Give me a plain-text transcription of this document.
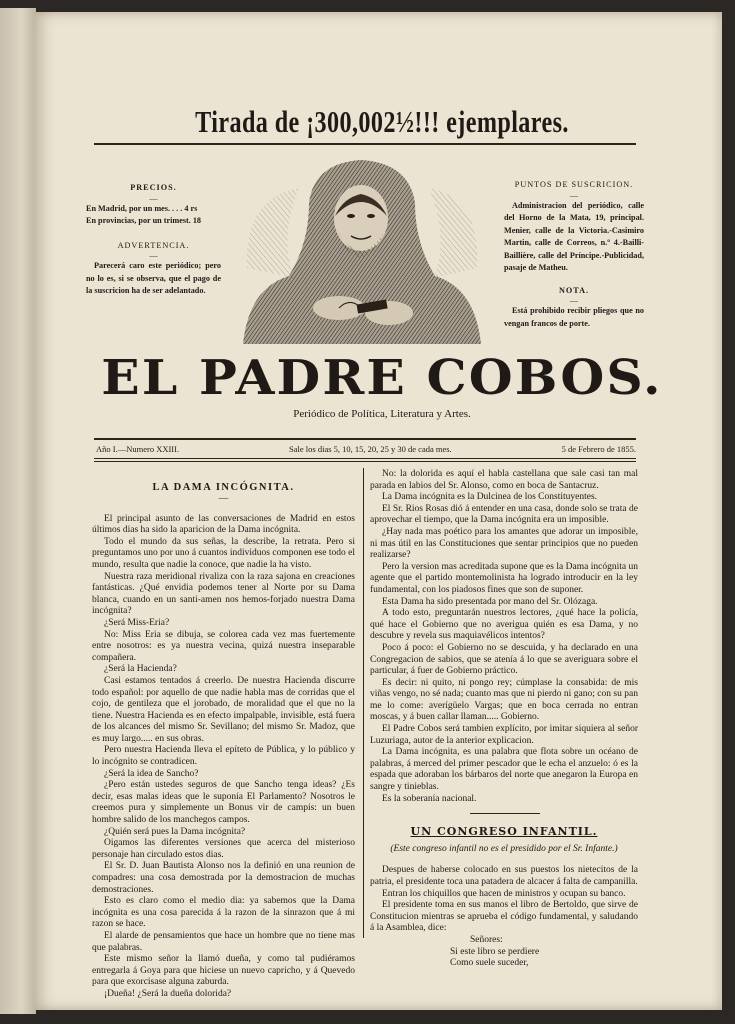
Tirada de ¡300,002½!!! ejemplares.
PRECIOS.
—
En Madrid, por un mes. . . . 4 rs
En provincias, por un trimest. 18
ADVERTENCIA.
—
Parecerá caro este periódico; pero no lo es, si se observa, que el pago de la suscricion ha de ser adelantado.
PUNTOS DE SUSCRICION.
—
Administracion del periódico, calle del Horno de la Mata, 19, principal. Menier, calle de la Victoria.-Casimiro Martin, calle de Correos, n.º 4.-Bailli-Baillière, calle del Príncipe.-Publicidad, pasaje de Matheu.
NOTA.
—
Está prohibido recibir pliegos que no vengan francos de porte.
EL PADRE COBOS.
Periódico de Política, Literatura y Artes.
Año I.—Numero XXIII.	Sale los dias 5, 10, 15, 20, 25 y 30 de cada mes.	5 de Febrero de 1855.
LA DAMA INCÓGNITA.
—

El principal asunto de las conversaciones de Madrid en estos últimos dias ha sido la aparicion de la Dama incógnita.

Todo el mundo da sus señas, la describe, la retrata. Pero si preguntamos uno por uno á cuantos individuos componen ese todo el mundo, resulta que nadie la conoce, que nadie la ha visto.

Nuestra raza meridional rivaliza con la raza sajona en creaciones fantásticas. ¿Qué envidia podemos tener al Norte por su Dama blanca, cuando en un santi-amen nos hemos-forjado nuestra Dama incógnita?

¿Será Miss-Eria?

No: Miss Eria se dibuja, se colorea cada vez mas fuertemente entre nosotros: es ya nuestra vecina, quizá nuestra inseparable compañera.

¿Será la Hacienda?

Casi estamos tentados á creerlo. De nuestra Hacienda discurre todo español: por aquello de que nadie habla mas de corridas que el cojo, de gentileza que el jorobado, de moralidad que el que no la tiene. Nuestra Hacienda es en efecto impalpable, invisible, está fuera de los alcances del mismo Sr. Sevillano; del mismo Sr. Madoz, que es muy largo..... en sus obras.

Pero nuestra Hacienda lleva el epíteto de Pública, y lo público y lo incógnito se contradicen.

¿Será la idea de Sancho?

¿Pero están ustedes seguros de que Sancho tenga ideas? ¿Es decir, esas malas ideas que le suponía El Parlamento? Nosotros le creemos pura y simplemente un Bonus vir de campis: un buen hombre salido de los manchegos campos.

¿Quién será pues la Dama incógnita?

Oigamos las diferentes versiones que acerca del misterioso personaje han circulado estos dias.

El Sr. D. Juan Bautista Alonso nos la definió en una reunion de compadres: una cosa demostrada por la demostracion de muchas demostraciones.

Esto es claro como el medio dia: ya sabemos que la Dama incógnita es una cosa parecida á la razon de la sinrazon que á mi razon se hace.

El alarde de pensamientos que hace un hombre que no tiene mas que palabras.

Este mismo señor la llamó dueña, y como tal pudiéramos entregarla á Goya para que hiciese un nuevo capricho, y á Quevedo para que exorcisase alguna zaburda.

¡Dueña! ¿Será la dueña dolorida?

No: la dolorida es aquí el habla castellana que sale casi tan mal parada en labios del Sr. Alonso, como en boca de Santacruz.

La Dama incógnita es la Dulcinea de los Constituyentes.

El Sr. Rios Rosas dió á entender en una casa, donde solo se trata de aprovechar el tiempo, que la Dama incógnita era un imposible.

¿Hay nada mas poético para los amantes que adorar un imposible, ni mas útil en las Constituciones que sentar principios que no pueden realizarse?

Pero la version mas acreditada supone que es la Dama incógnita un agente que el partido montemolinista ha logrado introducir en la ley fundamental, con los piadosos fines que son de suponer.

Esta Dama ha sido presentada por mano del Sr. Olózaga.

A todo esto, preguntarán nuestros lectores, ¿qué hace la policía, qué hace el Gobierno que no averigua quién es esa Dama, y no descubre y revela sus maquiavélicos intentos?

Poco á poco: el Gobierno no se descuida, y ha declarado en una Congregacion de sabios, que se atenía á lo que se averiguara sobre el particular, á fuer de Gobierno práctico.

Es decir: ni quito, ni pongo rey; cúmplase la consabida: de mis viñas vengo, no sé nada; cuanto mas que ni pierdo ni gano; con su pan me lo come: averígüelo Vargas; que en boca cerrada no entran moscas, y á buen callar llaman..... Gobierno.

El Padre Cobos será tambien explícito, por imitar siquiera al señor Luzuriaga, autor de la anterior explicacion.

La Dama incógnita, es una palabra que flota sobre un océano de palabras, á merced del primer pescador que le echa el anzuelo: ó es la espada que adoraban los bárbaros del norte que anegaron la Europa en sangre y tinieblas.

Es la soberanía nacional.

UN CONGRESO INFANTIL.
(Este congreso infantil no es el presidido por el Sr. Infante.)

Despues de haberse colocado en sus puestos los nietecitos de la patria, el presidente toca una patadera de alcacer á falta de campanilla.

Entran los chiquillos que hacen de ministros y ocupan su banco.

El presidente toma en sus manos el libro de Bertoldo, que sirve de Constitucion mientras se aprueba el código fundamental, y saludando á la Asamblea, dice:

Señores:
Si este libro se perdiere
Como suele suceder,
